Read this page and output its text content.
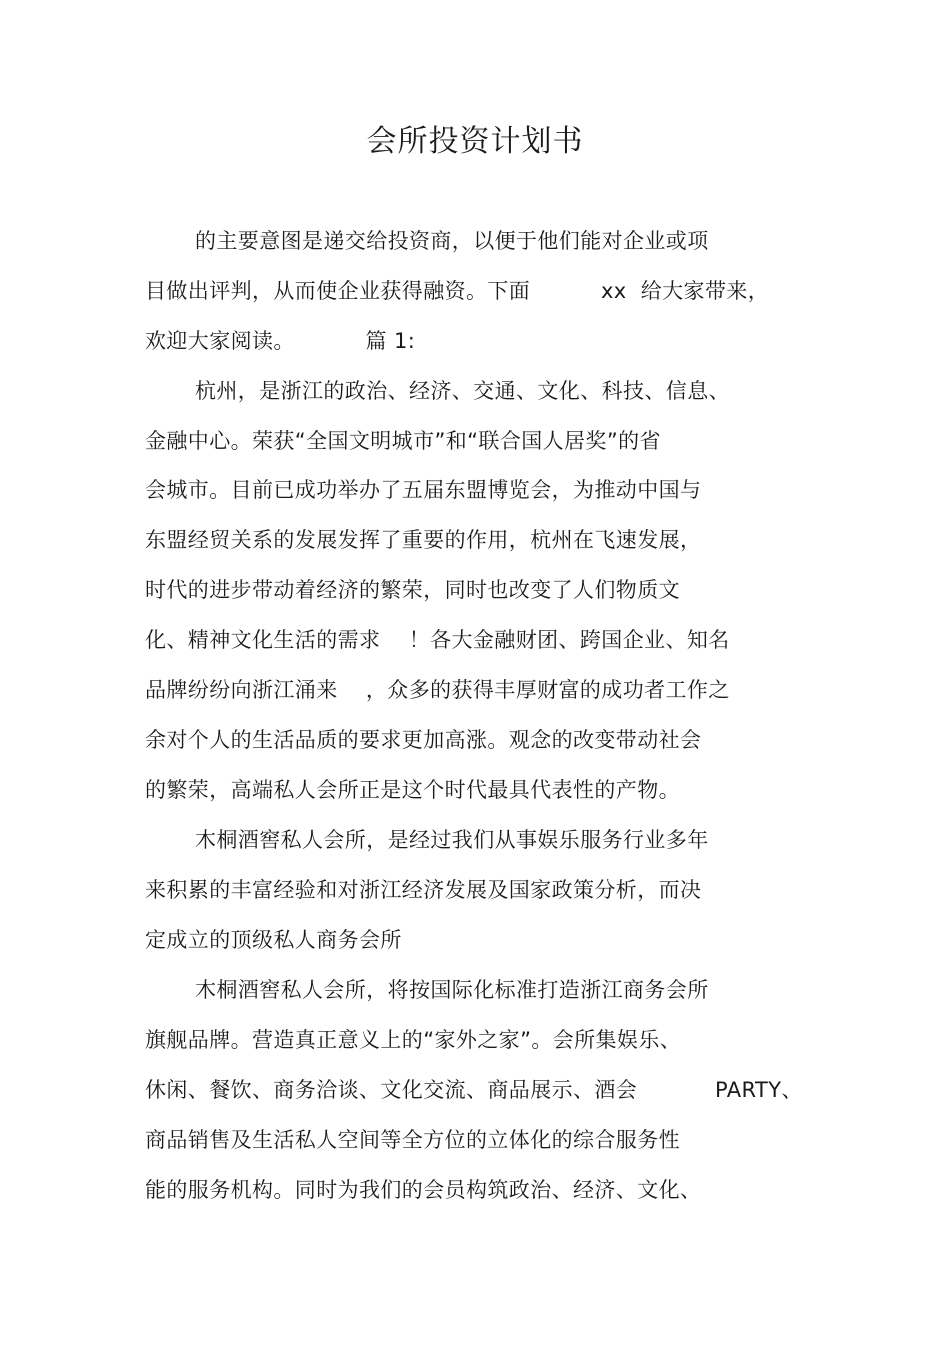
会所投资计划书
的主要意图是递交给投资商，以便于他们能对企业或项
目做出评判，从而使企业获得融资。下面          xx  给大家带来，
欢迎大家阅读。          篇 1:
杭州，是浙江的政治、经济、交通、文化、科技、信息、
金融中心。荣获“全国文明城市”和“联合国人居奖”的省
会城市。目前已成功举办了五届东盟博览会，为推动中国与
东盟经贸关系的发展发挥了重要的作用，杭州在飞速发展，
时代的进步带动着经济的繁荣，同时也改变了人们物质文
化、精神文化生活的需求    ！各大金融财团、跨国企业、知名
品牌纷纷向浙江涌来    ，众多的获得丰厚财富的成功者工作之
余对个人的生活品质的要求更加高涨。观念的改变带动社会
的繁荣，高端私人会所正是这个时代最具代表性的产物。
木桐酒窖私人会所，是经过我们从事娱乐服务行业多年
来积累的丰富经验和对浙江经济发展及国家政策分析，而决
定成立的顶级私人商务会所
木桐酒窖私人会所，将按国际化标准打造浙江商务会所
旗舰品牌。营造真正意义上的“家外之家”。会所集娱乐、
休闲、餐饮、商务洽谈、文化交流、商品展示、酒会           PARTY、
商品销售及生活私人空间等全方位的立体化的综合服务性
能的服务机构。同时为我们的会员构筑政治、经济、文化、
